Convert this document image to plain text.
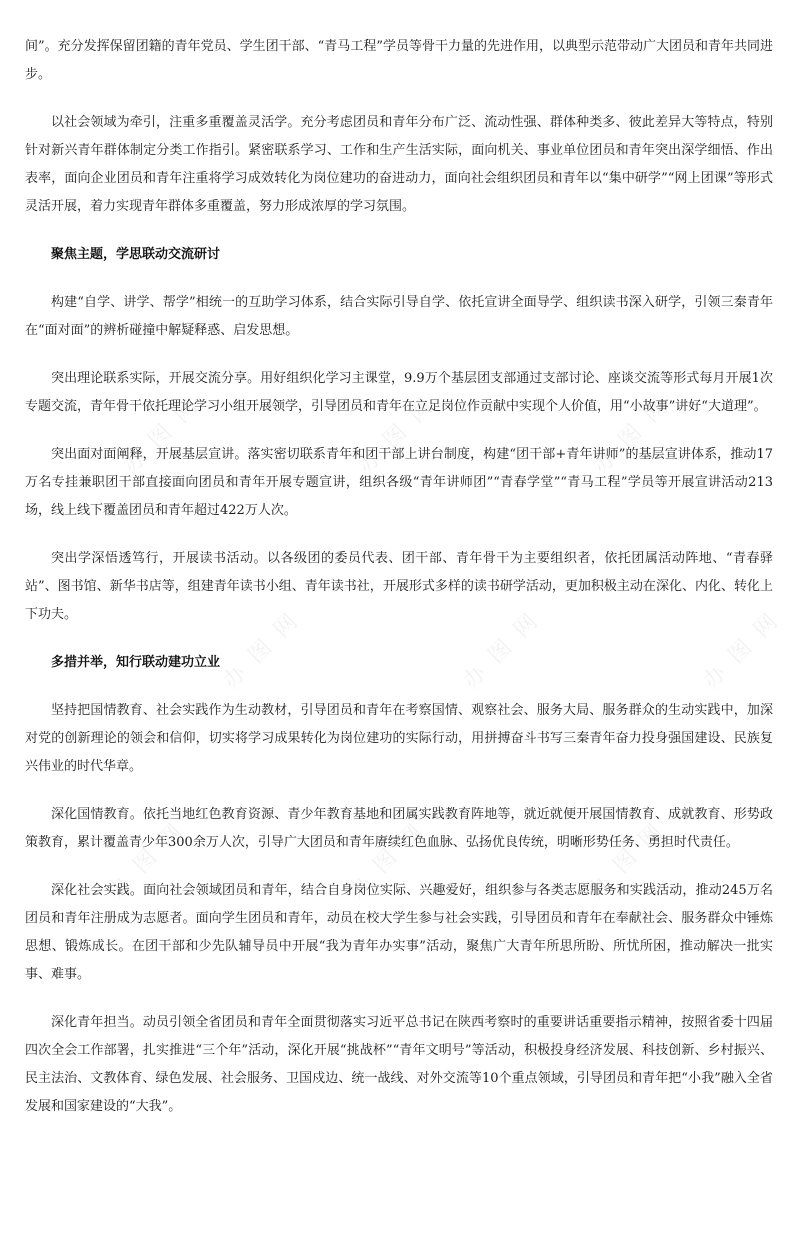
办图网	办图网	办图网
办图网	办图网	办图网
办图网	办图网	办图网

间”。充分发挥保留团籍的青年党员、学生团干部、“青马工程”学员等骨干力量的先进作用，以典型示范带动广大团员和青年共同进步。

以社会领域为牵引，注重多重覆盖灵活学。充分考虑团员和青年分布广泛、流动性强、群体种类多、彼此差异大等特点，特别针对新兴青年群体制定分类工作指引。紧密联系学习、工作和生产生活实际，面向机关、事业单位团员和青年突出深学细悟、作出表率，面向企业团员和青年注重将学习成效转化为岗位建功的奋进动力，面向社会组织团员和青年以“集中研学”“网上团课”等形式灵活开展，着力实现青年群体多重覆盖，努力形成浓厚的学习氛围。

聚焦主题，学思联动交流研讨

构建“自学、讲学、帮学”相统一的互助学习体系，结合实际引导自学、依托宣讲全面导学、组织读书深入研学，引领三秦青年在“面对面”的辨析碰撞中解疑释惑、启发思想。

突出理论联系实际，开展交流分享。用好组织化学习主课堂，9.9万个基层团支部通过支部讨论、座谈交流等形式每月开展1次专题交流，青年骨干依托理论学习小组开展领学，引导团员和青年在立足岗位作贡献中实现个人价值，用“小故事”讲好“大道理”。

突出面对面阐释，开展基层宣讲。落实密切联系青年和团干部上讲台制度，构建“团干部+青年讲师”的基层宣讲体系，推动17万名专挂兼职团干部直接面向团员和青年开展专题宣讲，组织各级“青年讲师团”“青春学堂”“青马工程”学员等开展宣讲活动213场，线上线下覆盖团员和青年超过422万人次。

突出学深悟透笃行，开展读书活动。以各级团的委员代表、团干部、青年骨干为主要组织者，依托团属活动阵地、“青春驿站”、图书馆、新华书店等，组建青年读书小组、青年读书社，开展形式多样的读书研学活动，更加积极主动在深化、内化、转化上下功夫。

多措并举，知行联动建功立业

坚持把国情教育、社会实践作为生动教材，引导团员和青年在考察国情、观察社会、服务大局、服务群众的生动实践中，加深对党的创新理论的领会和信仰，切实将学习成果转化为岗位建功的实际行动，用拼搏奋斗书写三秦青年奋力投身强国建设、民族复兴伟业的时代华章。

深化国情教育。依托当地红色教育资源、青少年教育基地和团属实践教育阵地等，就近就便开展国情教育、成就教育、形势政策教育，累计覆盖青少年300余万人次，引导广大团员和青年赓续红色血脉、弘扬优良传统，明晰形势任务、勇担时代责任。

深化社会实践。面向社会领域团员和青年，结合自身岗位实际、兴趣爱好，组织参与各类志愿服务和实践活动，推动245万名团员和青年注册成为志愿者。面向学生团员和青年，动员在校大学生参与社会实践，引导团员和青年在奉献社会、服务群众中锤炼思想、锻炼成长。在团干部和少先队辅导员中开展“我为青年办实事”活动，聚焦广大青年所思所盼、所忧所困，推动解决一批实事、难事。

深化青年担当。动员引领全省团员和青年全面贯彻落实习近平总书记在陕西考察时的重要讲话重要指示精神，按照省委十四届四次全会工作部署，扎实推进“三个年”活动，深化开展“挑战杯”“青年文明号”等活动，积极投身经济发展、科技创新、乡村振兴、民主法治、文教体育、绿色发展、社会服务、卫国戍边、统一战线、对外交流等10个重点领域，引导团员和青年把“小我”融入全省发展和国家建设的“大我”。
